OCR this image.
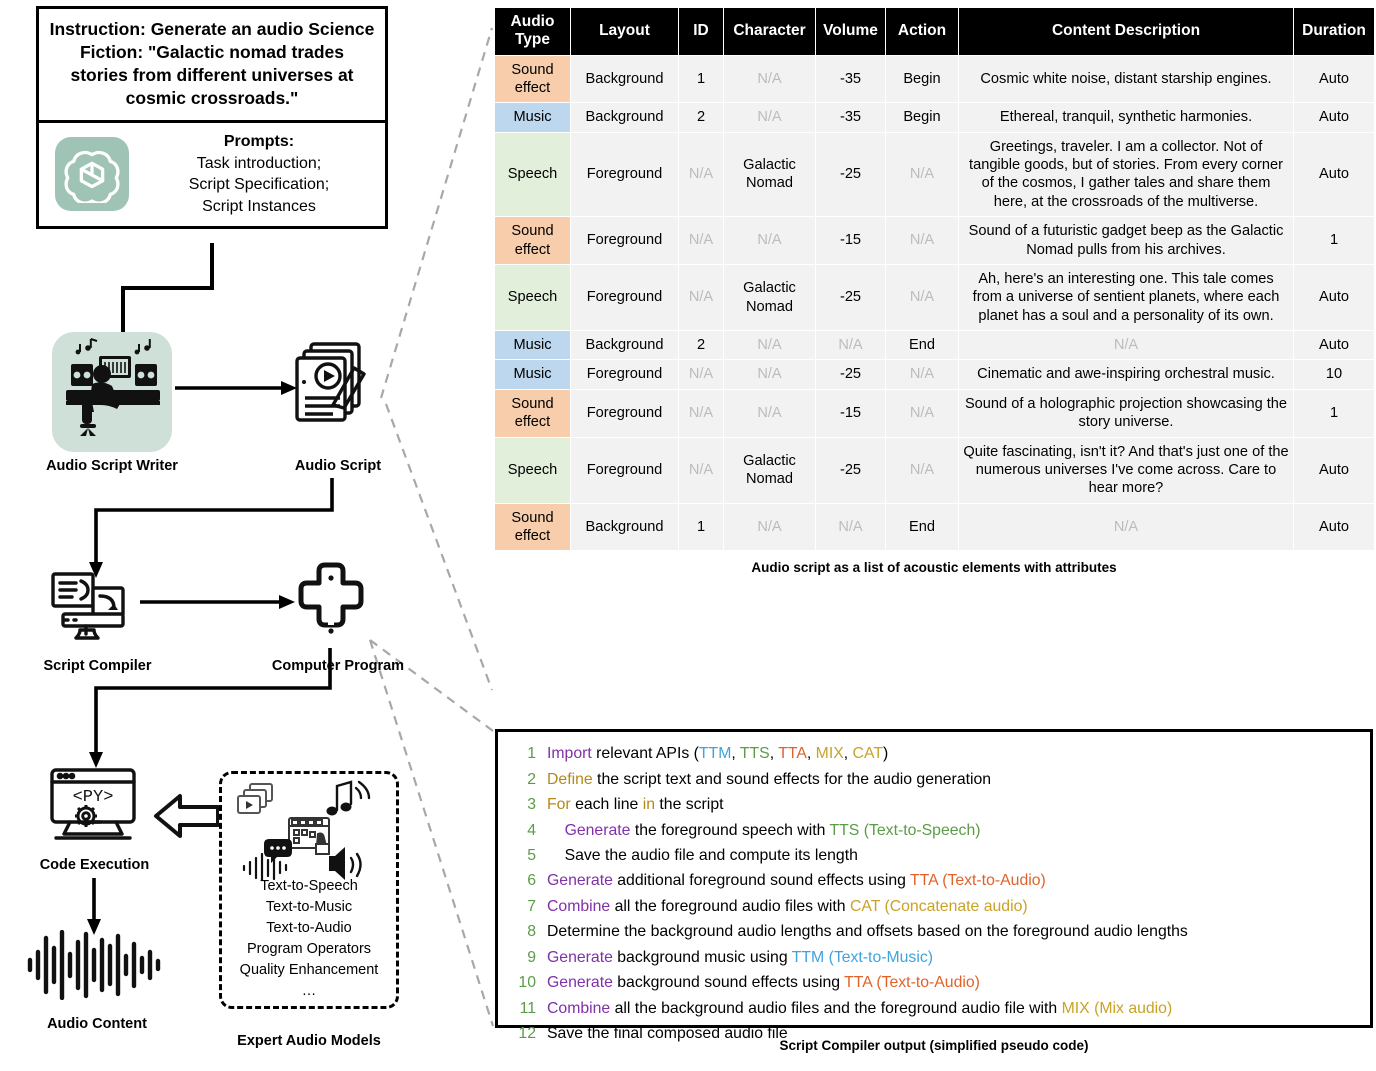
Instruction: Generate an audio Science Fiction: "Galactic nomad trades stories from different universes at cosmic crossroads."
Prompts:
Task introduction;
Script Specification;
Script Instances
Audio Script Writer	Audio Script
Script Compiler	Computer Program
<PY>
Code Execution
Audio Content
Text-to-Speech
Text-to-Music
Text-to-Audio
Program Operators
Quality Enhancement
…
Expert Audio Models
Audio Type	Layout	ID	Character	Volume	Action	Content Description	Duration
Sound effect	Background	1	N/A	-35	Begin	Cosmic white noise, distant starship engines.	Auto
Music	Background	2	N/A	-35	Begin	Ethereal, tranquil, synthetic harmonies.	Auto
Speech	Foreground	N/A	Galactic Nomad	-25	N/A	Greetings, traveler. I am a collector. Not of tangible goods, but of stories. From every corner of the cosmos, I gather tales and share them here, at the crossroads of the multiverse.	Auto
Sound effect	Foreground	N/A	N/A	-15	N/A	Sound of a futuristic gadget beep as the Galactic Nomad pulls from his archives.	1
Speech	Foreground	N/A	Galactic Nomad	-25	N/A	Ah, here's an interesting one. This tale comes from a universe of sentient planets, where each planet has a soul and a personality of its own.	Auto
Music	Background	2	N/A	N/A	End	N/A	Auto
Music	Foreground	N/A	N/A	-25	N/A	Cinematic and awe-inspiring orchestral music.	10
Sound effect	Foreground	N/A	N/A	-15	N/A	Sound of a holographic projection showcasing the story universe.	1
Speech	Foreground	N/A	Galactic Nomad	-25	N/A	Quite fascinating, isn't it? And that's just one of the numerous universes I've come across. Care to hear more?	Auto
Sound effect	Background	1	N/A	N/A	End	N/A	Auto
Audio script as a list of acoustic elements with attributes
1 Import relevant APIs (TTM, TTS, TTA, MIX, CAT)
2 Define the script text and sound effects for the audio generation
3 For each line in the script
4	Generate the foreground speech with TTS (Text-to-Speech)
5 Save the audio file and compute its length
6 Generate additional foreground sound effects using TTA (Text-to-Audio)
7 Combine all the foreground audio files with CAT (Concatenate audio)
8 Determine the background audio lengths and offsets based on the foreground audio lengths
9 Generate background music using TTM (Text-to-Music)
10 Generate background sound effects using TTA (Text-to-Audio)
11 Combine all the background audio files and the foreground audio file with MIX (Mix audio)
12 Save the final composed audio file
Script Compiler output (simplified pseudo code)
